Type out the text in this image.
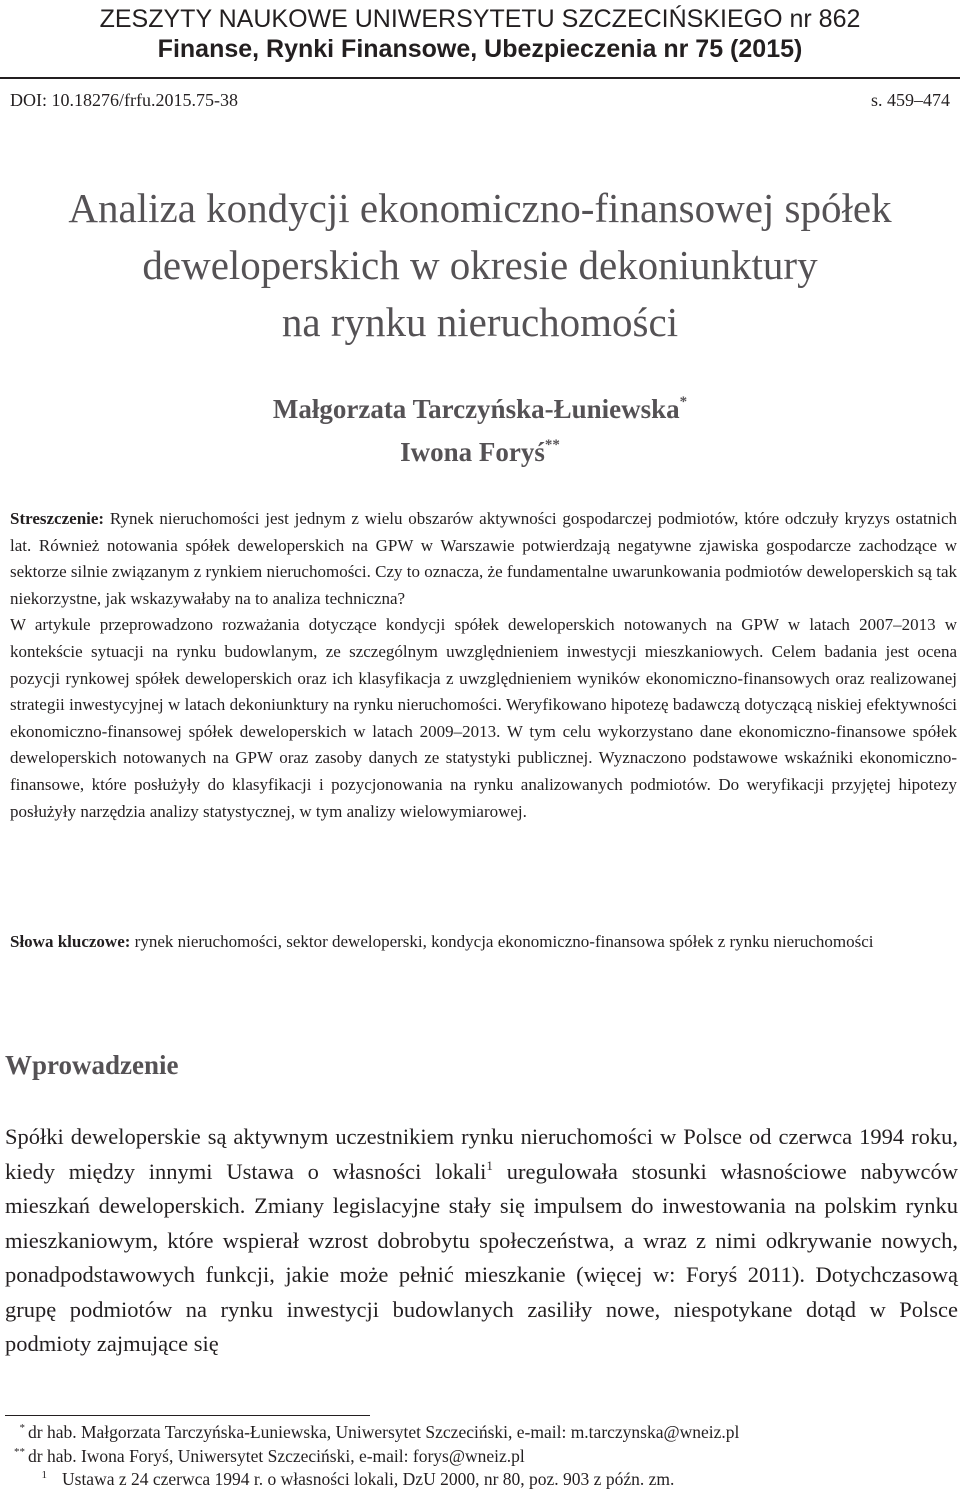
ZESZYTY NAUKOWE UNIWERSYTETU SZCZECIŃSKIEGO nr 862
Finanse, Rynki Finansowe, Ubezpieczenia nr 75 (2015)
DOI: 10.18276/frfu.2015.75-38	s. 459–474
Analiza kondycji ekonomiczno-finansowej spółek
deweloperskich w okresie dekoniunktury
na rynku nieruchomości
Małgorzata Tarczyńska-Łuniewska*
Iwona Foryś**

Streszczenie: Rynek nieruchomości jest jednym z wielu obszarów aktywności gospodarczej podmiotów, które odczuły kryzys ostatnich lat. Również notowania spółek deweloperskich na GPW w Warszawie potwierdzają negatywne zjawiska gospodarcze zachodzące w sektorze silnie związanym z rynkiem nieruchomości. Czy to oznacza, że fundamentalne uwarunkowania podmiotów deweloperskich są tak niekorzystne, jak wskazywałaby na to analiza techniczna?

W artykule przeprowadzono rozważania dotyczące kondycji spółek deweloperskich notowanych na GPW w latach 2007–2013 w kontekście sytuacji na rynku budowlanym, ze szczególnym uwzględnieniem inwestycji mieszkaniowych. Celem badania jest ocena pozycji rynkowej spółek deweloperskich oraz ich klasyfikacja z uwzględnieniem wyników ekonomiczno-finansowych oraz realizowanej strategii inwestycyjnej w latach dekoniunktury na rynku nieruchomości. Weryfikowano hipotezę badawczą dotyczącą niskiej efektywności ekonomiczno-finansowej spółek deweloperskich w latach 2009–2013. W tym celu wykorzystano dane ekonomiczno-finansowe spółek deweloperskich notowanych na GPW oraz zasoby danych ze statystyki publicznej. Wyznaczono podstawowe wskaźniki ekonomiczno-finansowe, które posłużyły do klasyfikacji i pozycjonowania na rynku analizowanych podmiotów. Do weryfikacji przyjętej hipotezy posłużyły narzędzia analizy statystycznej, w tym analizy wielowymiarowej.

Słowa kluczowe: rynek nieruchomości, sektor deweloperski, kondycja ekonomiczno-finansowa spółek z rynku nieruchomości
Wprowadzenie
Spółki deweloperskie są aktywnym uczestnikiem rynku nieruchomości w Polsce od czerwca 1994 roku, kiedy między innymi Ustawa o własności lokali$^1$ uregulowała stosunki własnościowe nabywców mieszkań deweloperskich. Zmiany legislacyjne stały się impulsem do inwestowania na polskim rynku mieszkaniowym, które wspierał wzrost dobrobytu społeczeństwa, a wraz z nimi odkrywanie nowych, ponadpodstawowych funkcji, jakie może pełnić mieszkanie (więcej w: Foryś 2011). Dotychczasową grupę podmiotów na rynku inwestycji budowlanych zasiliły nowe, niespotykane dotąd w Polsce podmioty zajmujące się
* dr hab. Małgorzata Tarczyńska-Łuniewska, Uniwersytet Szczeciński, e-mail: m.tarczynska@wneiz.pl
** dr hab. Iwona Foryś, Uniwersytet Szczeciński, e-mail: forys@wneiz.pl
1 Ustawa z 24 czerwca 1994 r. o własności lokali, DzU 2000, nr 80, poz. 903 z późn. zm.
